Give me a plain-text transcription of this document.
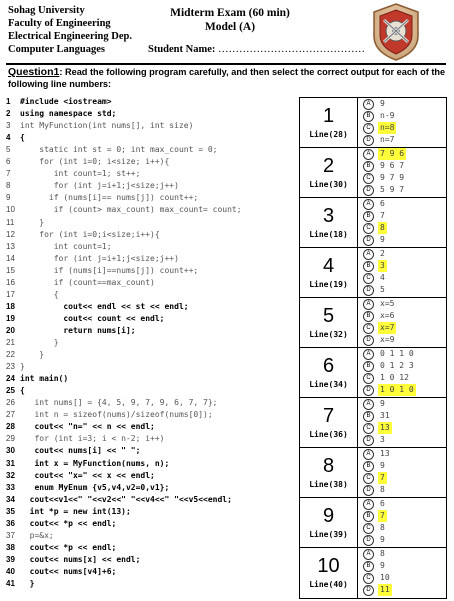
Sohag University
Faculty of Engineering
Electrical Engineering Dep.
Computer Languages
Midterm Exam (60 min)
Model (A)
Student Name: ……………………………………
Question1: Read the following program carefully, and then select the correct output for each of the following line numbers:
1 #include <iostream>
2 using namespace std;
3 int MyFunction(int nums[], int size)
4 {
5    static int st = 0; int max_count = 0;
6    for (int i=0; i<size; i++){
7       int count=1; st++;
8       for (int j=i+1;j<size;j++)
9      if (nums[i]== nums[j]) count++;
10       if (count> max_count) max_count= count;
11    }
12    for (int i=0;i<size;i++){
13       int count=1;
14       for (int j=i+1;j<size;j++)
15       if (nums[i]==nums[j]) count++;
16       if (count==max_count)
17       {
18         cout<< endl << st << endl;
19         cout<< count << endl;
20         return nums[i];
21       }
22    }
23 }
24 int main()
25 {
26   int nums[] = {4, 5, 9, 7, 9, 6, 7, 7};
27   int n = sizeof(nums)/sizeof(nums[0]);
28   cout<< "n=" << n << endl;
29   for (int i=3; i < n-2; i++)
30   cout<< nums[i] << " ";
31   int x = MyFunction(nums, n);
32   cout<< "x=" << x << endl;
33   enum MyEnum {v5,v4,v2=0,v1};
34  cout<<v1<<" "<<v2<<" "<<v4<<" "<<v5<<endl;
35  int *p = new int(13);
36  cout<< *p << endl;
37  p=&x;
38  cout<< *p << endl;
39  cout<< nums[x] << endl;
40  cout<< nums[v4]+6;
41  }
1
Line(28)
A	9
B	n-9
C	n=8
D	n=7
2
Line(30)
A	7 9 6
B	9 6 7
C	9 7 9
D	5 9 7
3
Line(18)
A	6
B	7
C	8
D	9
4
Line(19)
A	2
B	3
C	4
D	5
5
Line(32)
A	x=5
B	x=6
C	x=7
D	x=9
6
Line(34)
A	0 1 1 0
B	0 1 2 3
C	1 0 12
D	1 0 1 0
7
Line(36)
A	9
B	31
C	13
D	3
8
Line(38)
A	13
B	9
C	7
D	8
9
Line(39)
A	6
B	7
C	8
D	9
10
Line(40)
A	8
B	9
C	10
D	11
